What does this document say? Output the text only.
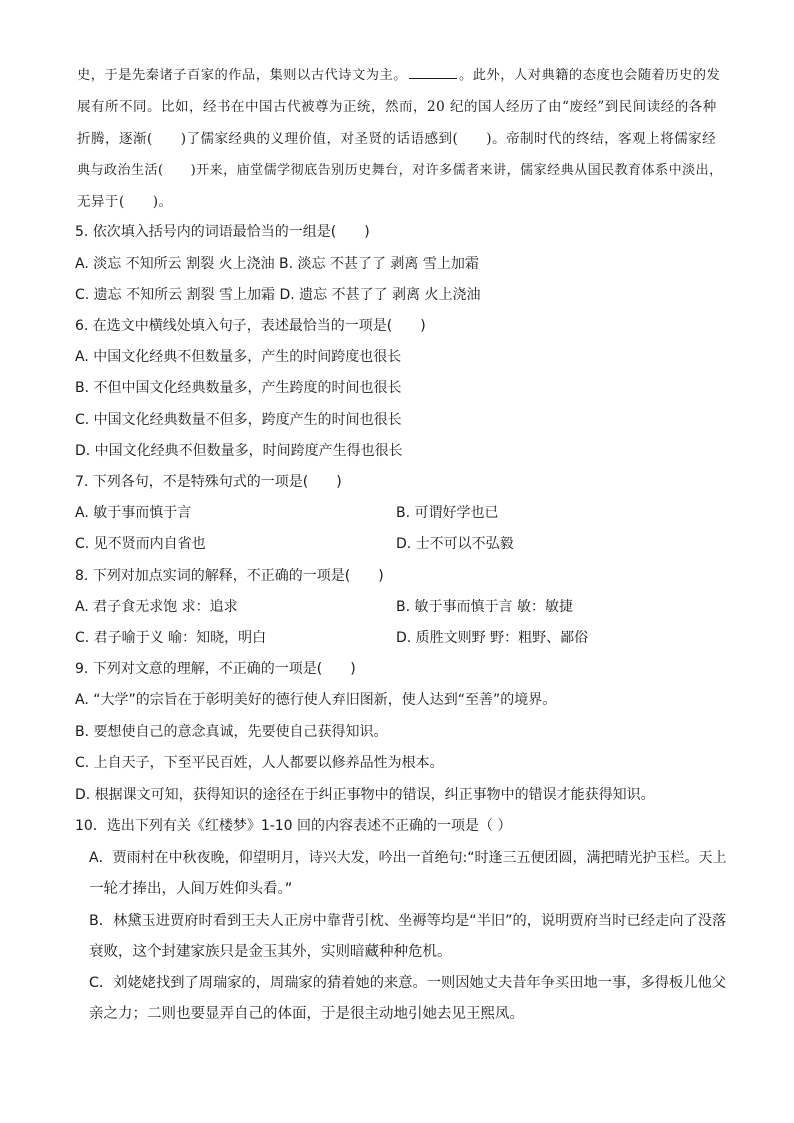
史，于是先秦诸子百家的作品，集则以古代诗文为主。	。此外，人对典籍的态度也会随着历史的发
展有所不同。比如，经书在中国古代被尊为正统，然而，20 纪的国人经历了由“废经”到民间读经的各种
折腾，逐渐(　　)了儒家经典的义理价值，对圣贤的话语感到(　　)。帝制时代的终结，客观上将儒家经
典与政治生活(　　)开来，庙堂儒学彻底告别历史舞台，对许多儒者来讲，儒家经典从国民教育体系中淡出，
无异于(　　)。
5. 依次填入括号内的词语最恰当的一组是(　　)
A. 淡忘 不知所云 割裂 火上浇油 B. 淡忘 不甚了了 剥离 雪上加霜
C. 遗忘 不知所云 割裂 雪上加霜 D. 遗忘 不甚了了 剥离 火上浇油
6. 在选文中横线处填入句子，表述最恰当的一项是(　　)
A. 中国文化经典不但数量多，产生的时间跨度也很长
B. 不但中国文化经典数量多，产生跨度的时间也很长
C. 中国文化经典数量不但多，跨度产生的时间也很长
D. 中国文化经典不但数量多，时间跨度产生得也很长
7. 下列各句，不是特殊句式的一项是(　　)
A. 敏于事而慎于言	B. 可谓好学也已
C. 见不贤而内自省也	D. 士不可以不弘毅
8. 下列对加点实词的解释，不正确的一项是(　　)
A. 君子食无求饱 求：追求	B. 敏于事而慎于言 敏：敏捷
C. 君子喻于义 喻：知晓，明白	D. 质胜文则野 野：粗野、鄙俗
9. 下列对文意的理解，不正确的一项是(　　)
A. “大学”的宗旨在于彰明美好的德行使人弃旧图新，使人达到“至善”的境界。
B. 要想使自己的意念真诚，先要使自己获得知识。
C. 上自天子，下至平民百姓，人人都要以修养品性为根本。
D. 根据课文可知，获得知识的途径在于纠正事物中的错误，纠正事物中的错误才能获得知识。
10．选出下列有关《红楼梦》1-10 回的内容表述不正确的一项是（ ）
A．贾雨村在中秋夜晚，仰望明月，诗兴大发，吟出一首绝句:“时逢三五便团圆，满把晴光护玉栏。天上
一轮才捧出，人间万姓仰头看。”
B．林黛玉进贾府时看到王夫人正房中靠背引枕、坐褥等均是“半旧”的，说明贾府当时已经走向了没落
衰败，这个封建家族只是金玉其外，实则暗藏种种危机。
C．刘姥姥找到了周瑞家的，周瑞家的猜着她的来意。一则因她丈夫昔年争买田地一事，多得板儿他父
亲之力；二则也要显弄自己的体面，于是很主动地引她去见王熙凤。
